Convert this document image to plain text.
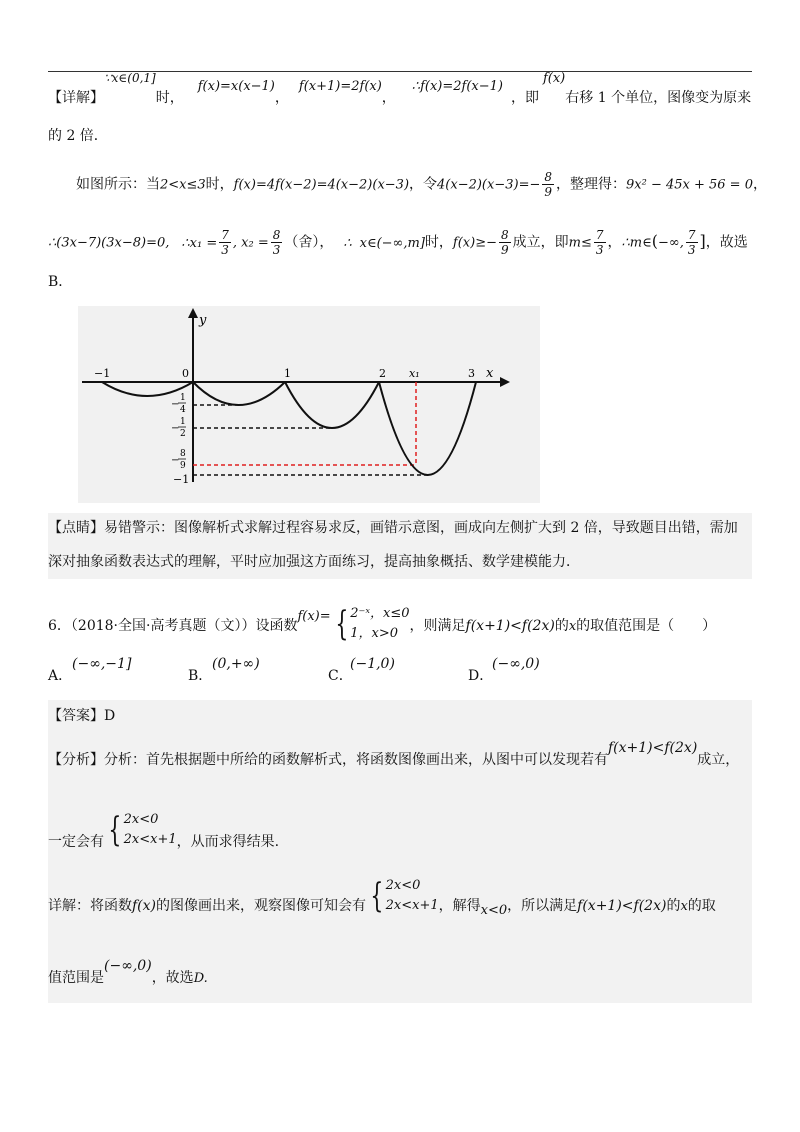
【详解】∵x∈(0,1]时，f(x)=x(x−1)，f(x+1)=2f(x)，∴f(x)=2f(x−1)，即f(x)右移 1 个单位，图像变为原来
的 2 倍．
如图所示：当2<x≤3时，f(x)=4f(x−2)=4(x−2)(x−3)，令$4(x-2)(x-3)=- \frac{8}{9}$ ，整理得：9x² − 45x + 56 = 0，
∴(3x−7)(3x−8)=0, ∴x₁ = $\frac{7}{3}$ , $x_2 = \frac{8}{3}$ （舍）， ∴ x∈(−∞,m]时，$f(x)\ge- \frac{8}{9}$ 成立，即$m\le \frac{7}{3}$ ，∴m∈(−∞, $\frac{7}{3}$ ]，故选
B．
y
x
−1	0	1	2 x₁	3
−
1
4
−
1
2
−
8
9
−1
【点睛】易错警示：图像解析式求解过程容易求反，画错示意图，画成向左侧扩大到 2 倍，导致题目出错，需加
深对抽象函数表达式的理解，平时应加强这方面练习，提高抽象概括、数学建模能力．
6．（2018·全国·高考真题（文））设函数f(x)= { 2⁻ˣ，x≤0
1，x>0 ，则满足f(x+1)<f(2x)的x的取值范围是（　　）
A．
(−∞,−1]
B．
(0,+∞)
C．
(−1,0)
D．
(−∞,0)
【答案】D
【分析】分析：首先根据题中所给的函数解析式，将函数图像画出来，从图中可以发现若有f(x+1)<f(2x)成立，
一定会有 { 2x<0
2x<x+1 ，从而求得结果.
详解：将函数f(x)的图像画出来，观察图像可知会有 { 2x<0
2x<x+1 ，解得x<0，所以满足f(x+1)<f(2x)的x的取
值范围是(−∞,0)，故选D.
